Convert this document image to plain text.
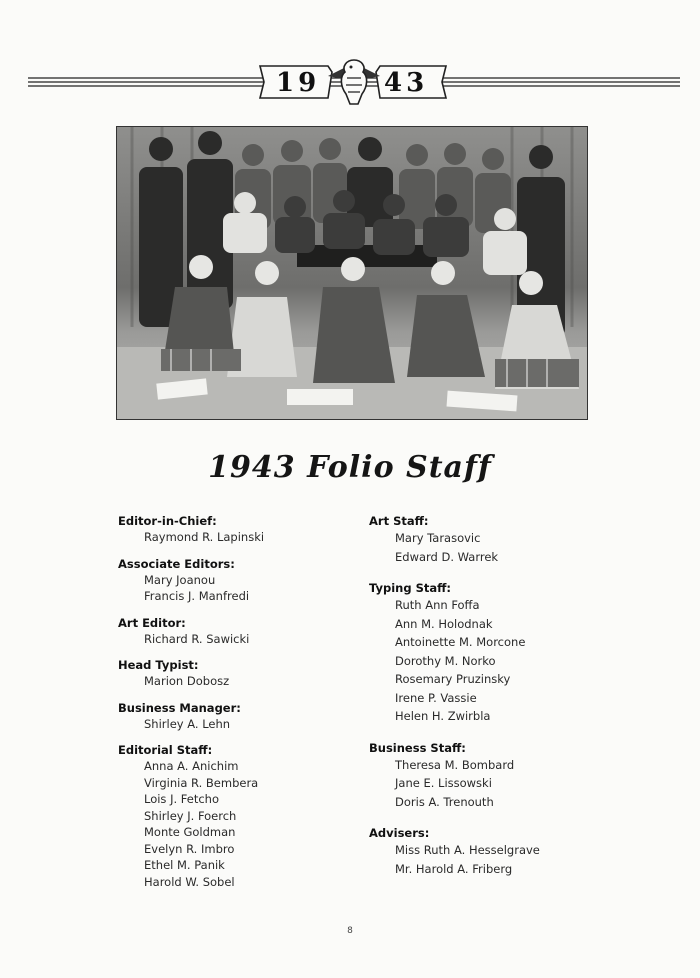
19 43
1943 Folio Staff
Editor-in-Chief:
Raymond R. Lapinski
Associate Editors:
Mary Joanou
Francis J. Manfredi
Art Editor:
Richard R. Sawicki
Head Typist:
Marion Dobosz
Business Manager:
Shirley A. Lehn
Editorial Staff:
Anna A. Anichim
Virginia R. Bembera
Lois J. Fetcho
Shirley J. Foerch
Monte Goldman
Evelyn R. Imbro
Ethel M. Panik
Harold W. Sobel
Art Staff:
Mary Tarasovic
Edward D. Warrek
Typing Staff:
Ruth Ann Foffa
Ann M. Holodnak
Antoinette M. Morcone
Dorothy M. Norko
Rosemary Pruzinsky
Irene P. Vassie
Helen H. Zwirbla
Business Staff:
Theresa M. Bombard
Jane E. Lissowski
Doris A. Trenouth
Advisers:
Miss Ruth A. Hesselgrave
Mr. Harold A. Friberg
8
